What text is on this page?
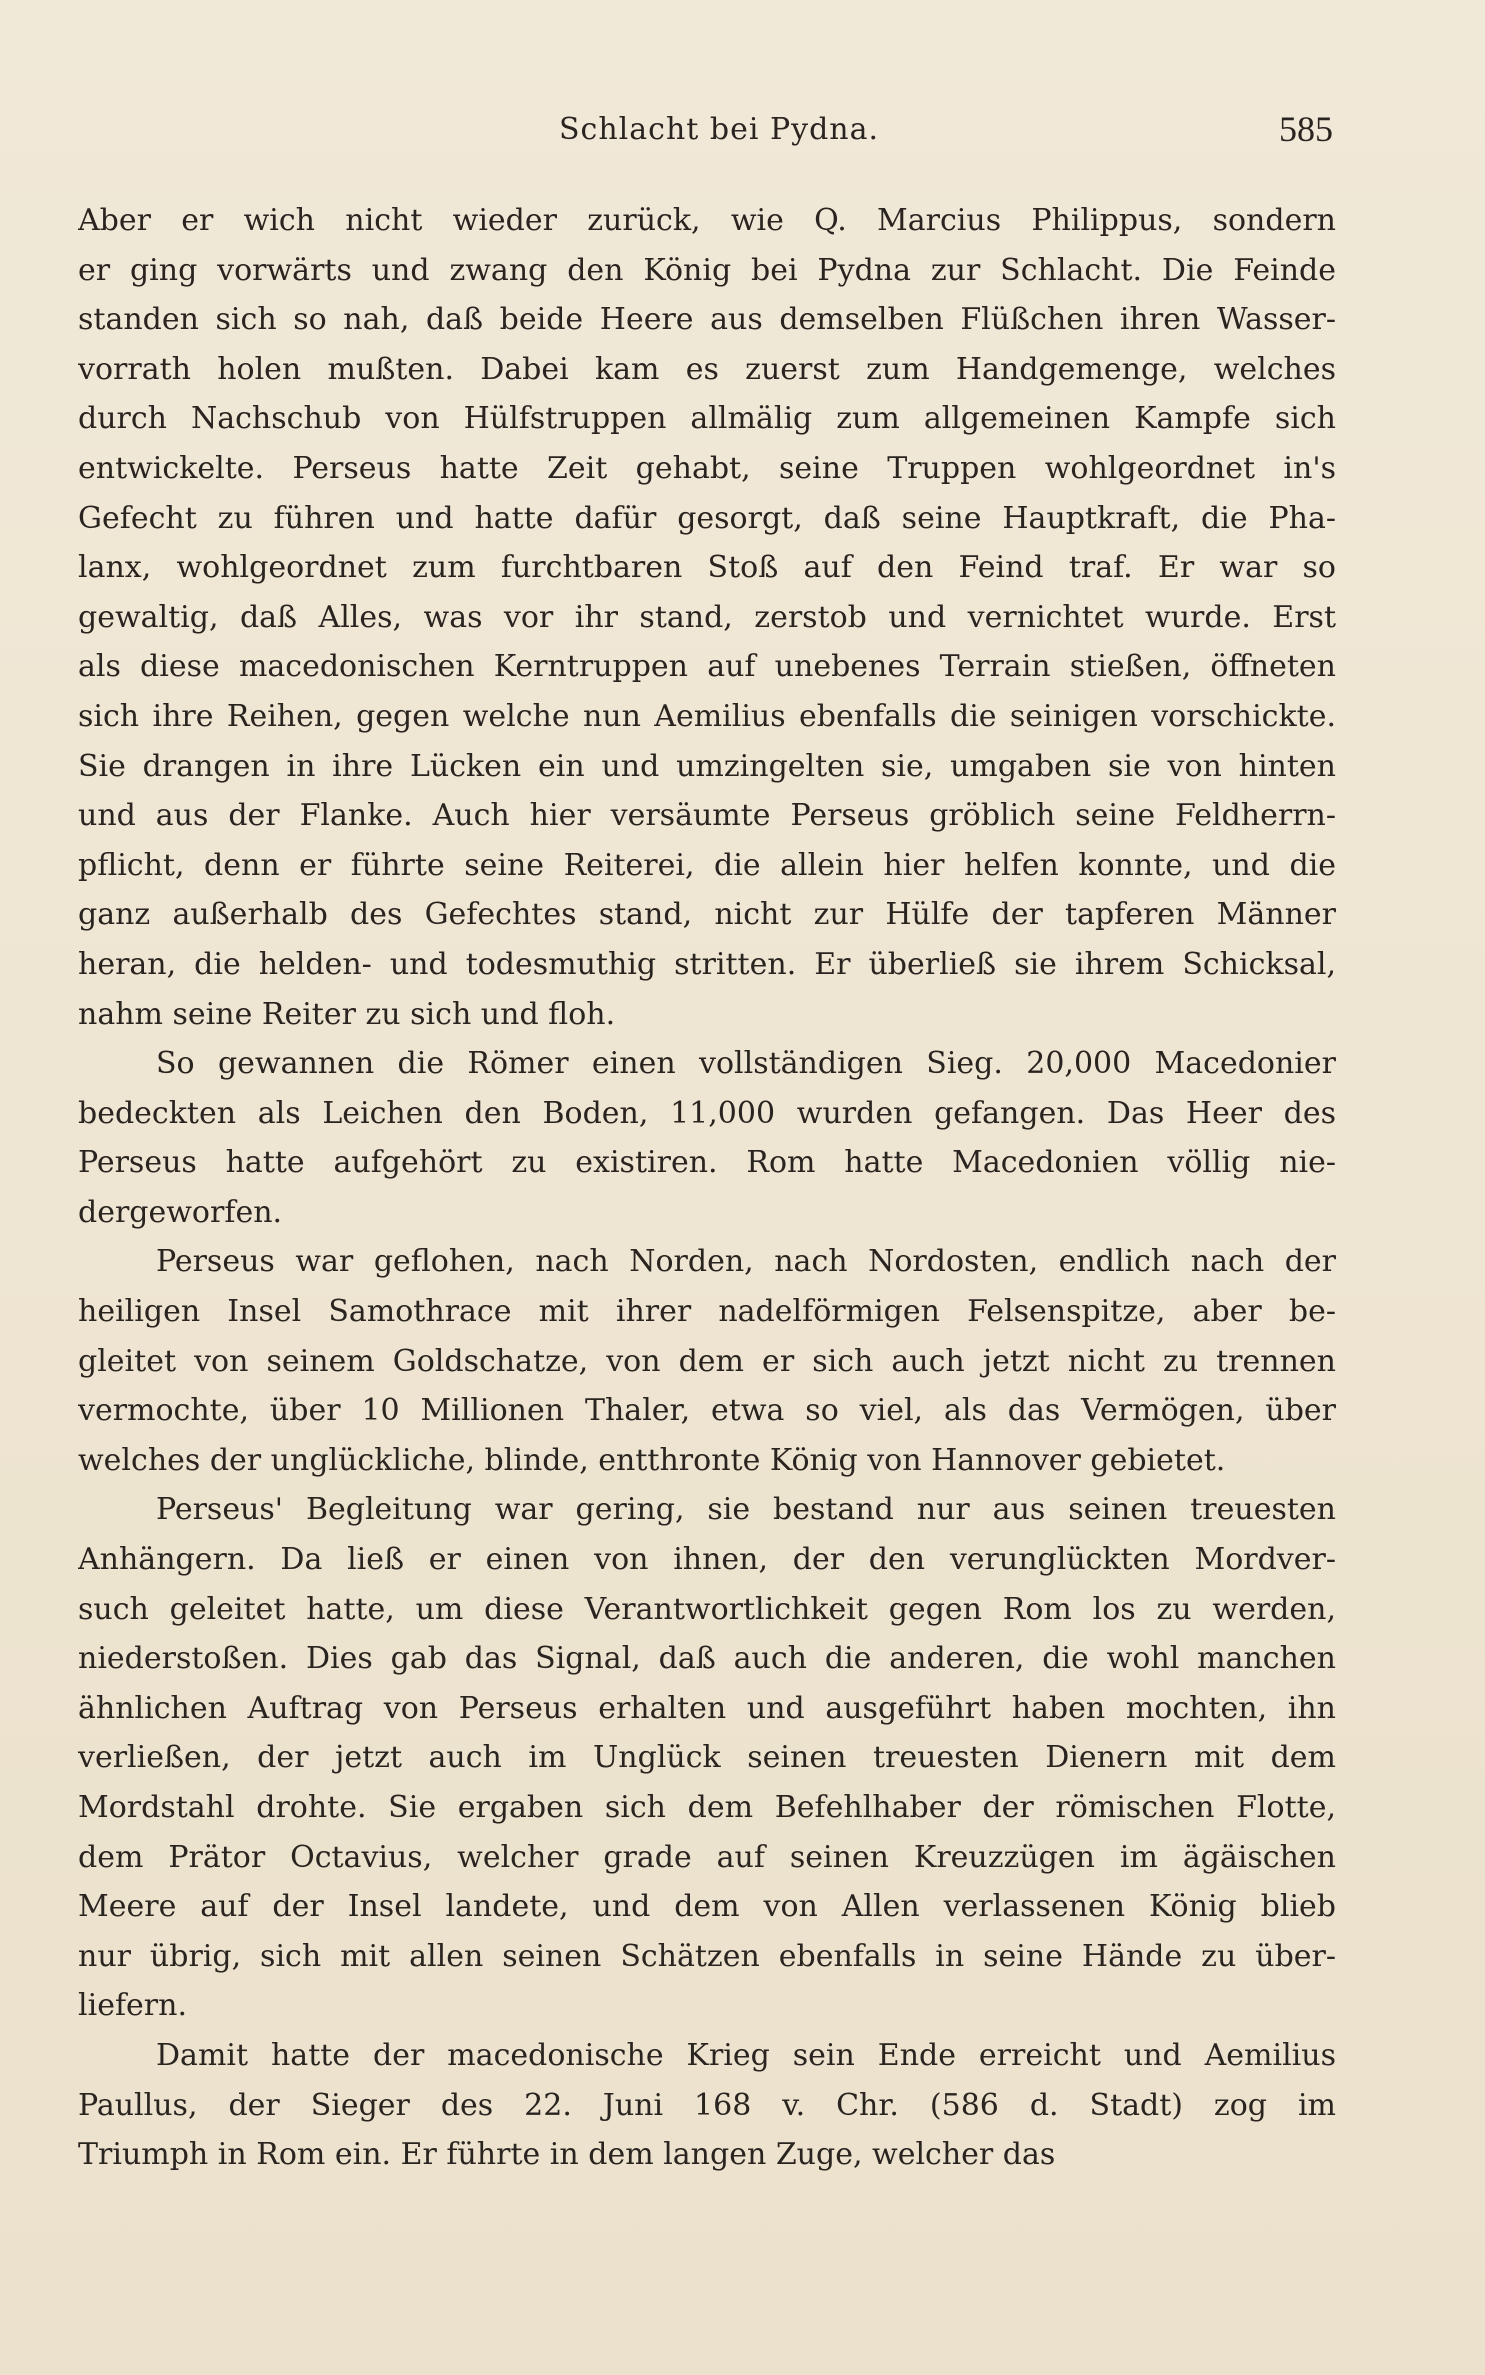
Schlacht bei Pydna.	585
Aber er wich nicht wieder zurück, wie Q. Marcius Philippus, sondern
er ging vorwärts und zwang den König bei Pydna zur Schlacht. Die Feinde
standen sich so nah, daß beide Heere aus demselben Flüßchen ihren Wasser-
vorrath holen mußten. Dabei kam es zuerst zum Handgemenge, welches
durch Nachschub von Hülfstruppen allmälig zum allgemeinen Kampfe sich
entwickelte. Perseus hatte Zeit gehabt, seine Truppen wohlgeordnet in's
Gefecht zu führen und hatte dafür gesorgt, daß seine Hauptkraft, die Pha-
lanx, wohlgeordnet zum furchtbaren Stoß auf den Feind traf. Er war so
gewaltig, daß Alles, was vor ihr stand, zerstob und vernichtet wurde. Erst
als diese macedonischen Kerntruppen auf unebenes Terrain stießen, öffneten
sich ihre Reihen, gegen welche nun Aemilius ebenfalls die seinigen vorschickte.
Sie drangen in ihre Lücken ein und umzingelten sie, umgaben sie von hinten
und aus der Flanke. Auch hier versäumte Perseus gröblich seine Feldherrn-
pflicht, denn er führte seine Reiterei, die allein hier helfen konnte, und die
ganz außerhalb des Gefechtes stand, nicht zur Hülfe der tapferen Männer
heran, die helden- und todesmuthig stritten. Er überließ sie ihrem Schicksal,
nahm seine Reiter zu sich und floh.
So gewannen die Römer einen vollständigen Sieg. 20,000 Macedonier
bedeckten als Leichen den Boden, 11,000 wurden gefangen. Das Heer des
Perseus hatte aufgehört zu existiren. Rom hatte Macedonien völlig nie-
dergeworfen.
Perseus war geflohen, nach Norden, nach Nordosten, endlich nach der
heiligen Insel Samothrace mit ihrer nadelförmigen Felsenspitze, aber be-
gleitet von seinem Goldschatze, von dem er sich auch jetzt nicht zu trennen
vermochte, über 10 Millionen Thaler, etwa so viel, als das Vermögen, über
welches der unglückliche, blinde, entthronte König von Hannover gebietet.
Perseus' Begleitung war gering, sie bestand nur aus seinen treuesten
Anhängern. Da ließ er einen von ihnen, der den verunglückten Mordver-
such geleitet hatte, um diese Verantwortlichkeit gegen Rom los zu werden,
niederstoßen. Dies gab das Signal, daß auch die anderen, die wohl manchen
ähnlichen Auftrag von Perseus erhalten und ausgeführt haben mochten, ihn
verließen, der jetzt auch im Unglück seinen treuesten Dienern mit dem
Mordstahl drohte. Sie ergaben sich dem Befehlhaber der römischen Flotte,
dem Prätor Octavius, welcher grade auf seinen Kreuzzügen im ägäischen
Meere auf der Insel landete, und dem von Allen verlassenen König blieb
nur übrig, sich mit allen seinen Schätzen ebenfalls in seine Hände zu über-
liefern.
Damit hatte der macedonische Krieg sein Ende erreicht und Aemilius
Paullus, der Sieger des 22. Juni 168 v. Chr. (586 d. Stadt) zog im
Triumph in Rom ein. Er führte in dem langen Zuge, welcher das
